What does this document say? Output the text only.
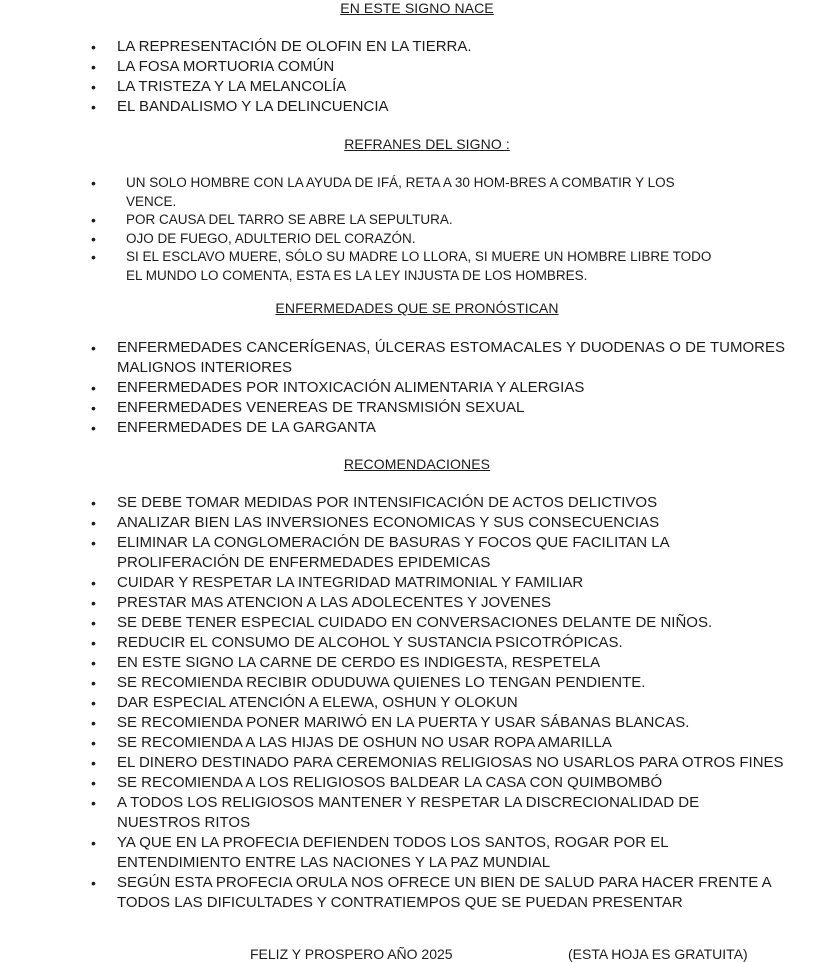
EN ESTE SIGNO NACE
• LA REPRESENTACIÓN DE OLOFIN EN LA TIERRA.
• LA FOSA MORTUORIA COMÚN
• LA TRISTEZA Y LA MELANCOLÍA
• EL BANDALISMO Y LA DELINCUENCIA
REFRANES DEL SIGNO :
• UN SOLO HOMBRE CON LA AYUDA DE IFÁ, RETA A 30 HOM-BRES A COMBATIR Y LOS VENCE.
• POR CAUSA DEL TARRO SE ABRE LA SEPULTURA.
• OJO DE FUEGO, ADULTERIO DEL CORAZÓN.
• SI EL ESCLAVO MUERE, SÓLO SU MADRE LO LLORA, SI MUERE UN HOMBRE LIBRE TODO EL MUNDO LO COMENTA, ESTA ES LA LEY INJUSTA DE LOS HOMBRES.
ENFERMEDADES QUE SE PRONÓSTICAN
• ENFERMEDADES CANCERÍGENAS, ÚLCERAS ESTOMACALES Y DUODENAS O DE TUMORES MALIGNOS INTERIORES
• ENFERMEDADES POR INTOXICACIÓN ALIMENTARIA Y ALERGIAS
• ENFERMEDADES VENEREAS DE TRANSMISIÓN SEXUAL
• ENFERMEDADES DE LA GARGANTA
RECOMENDACIONES
• SE DEBE TOMAR MEDIDAS POR INTENSIFICACIÓN DE ACTOS DELICTIVOS
• ANALIZAR BIEN LAS INVERSIONES ECONOMICAS Y SUS CONSECUENCIAS
• ELIMINAR LA CONGLOMERACIÓN DE BASURAS Y FOCOS QUE FACILITAN LA PROLIFERACIÓN DE ENFERMEDADES EPIDEMICAS
• CUIDAR Y RESPETAR LA INTEGRIDAD MATRIMONIAL Y FAMILIAR
• PRESTAR MAS ATENCION A LAS ADOLECENTES Y JOVENES
• SE DEBE TENER ESPECIAL CUIDADO EN CONVERSACIONES DELANTE DE NIÑOS.
• REDUCIR EL CONSUMO DE ALCOHOL Y SUSTANCIA PSICOTRÓPICAS.
• EN ESTE SIGNO LA CARNE DE CERDO ES INDIGESTA, RESPETELA
• SE RECOMIENDA RECIBIR ODUDUWA QUIENES LO TENGAN PENDIENTE.
• DAR ESPECIAL ATENCIÓN A ELEWA, OSHUN Y OLOKUN
• SE RECOMIENDA PONER MARIWÓ EN LA PUERTA Y USAR SÁBANAS BLANCAS.
• SE RECOMIENDA A LAS HIJAS DE OSHUN NO USAR ROPA AMARILLA
• EL DINERO DESTINADO PARA CEREMONIAS RELIGIOSAS NO USARLOS PARA OTROS FINES
• SE RECOMIENDA A LOS RELIGIOSOS BALDEAR LA CASA CON QUIMBOMBÓ
• A TODOS LOS RELIGIOSOS MANTENER Y RESPETAR LA DISCRECIONALIDAD DE NUESTROS RITOS
• YA QUE EN LA PROFECIA DEFIENDEN TODOS LOS SANTOS, ROGAR POR EL ENTENDIMIENTO ENTRE LAS NACIONES Y LA PAZ MUNDIAL
• SEGÚN ESTA PROFECIA ORULA NOS OFRECE UN BIEN DE SALUD PARA HACER FRENTE A TODOS LAS DIFICULTADES Y CONTRATIEMPOS QUE SE PUEDAN PRESENTAR
FELIZ Y PROSPERO AÑO 2025	(ESTA HOJA ES GRATUITA)
